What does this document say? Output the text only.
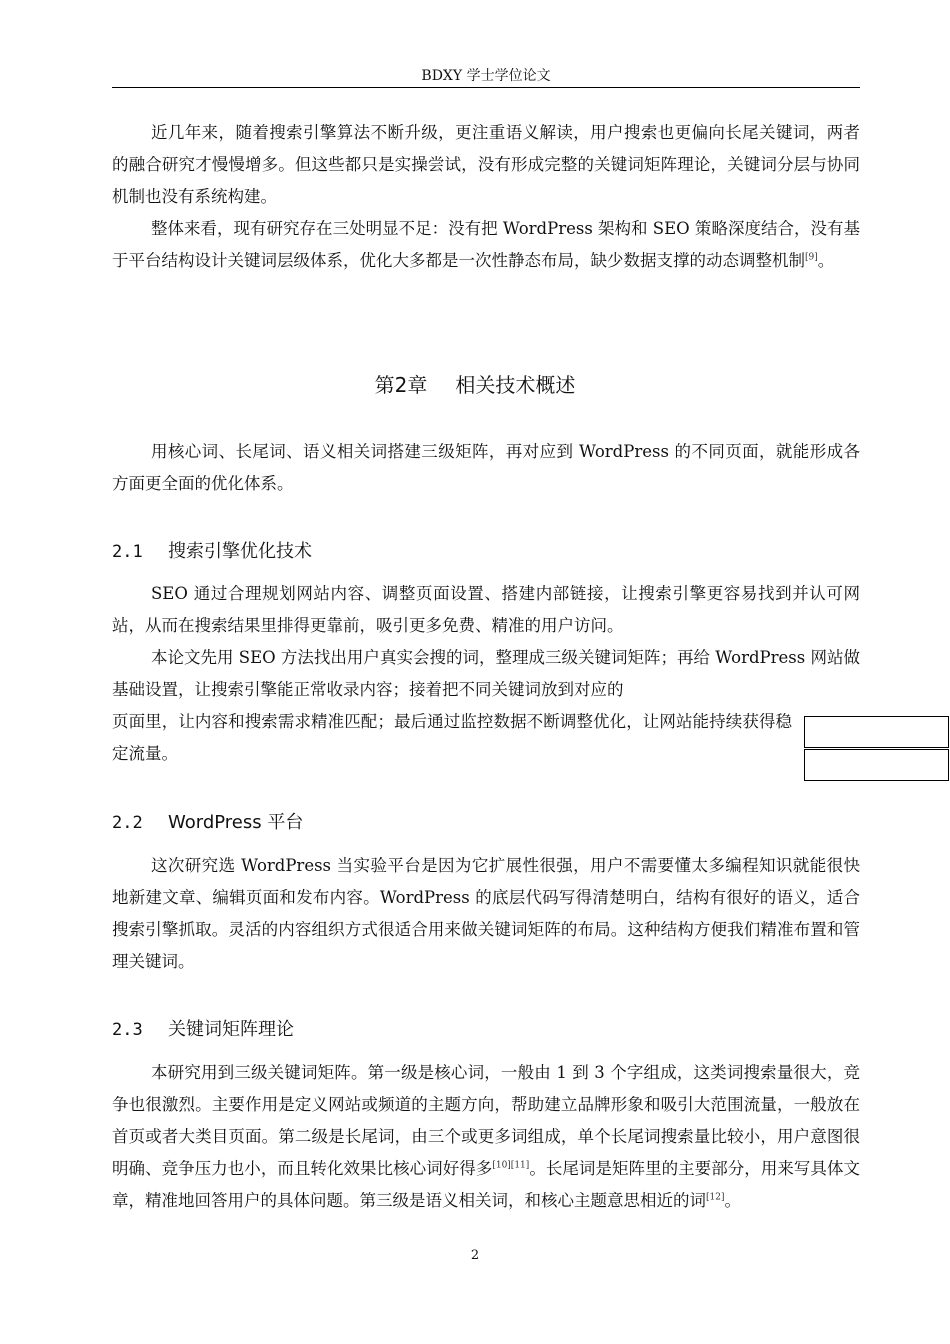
BDXY 学士学位论文

近几年来，随着搜索引擎算法不断升级，更注重语义解读，用户搜索也更偏向长尾关键词，两者的融合研究才慢慢增多。但这些都只是实操尝试，没有形成完整的关键词矩阵理论，关键词分层与协同机制也没有系统构建。

整体来看，现有研究存在三处明显不足：没有把 WordPress 架构和 SEO 策略深度结合，没有基于平台结构设计关键词层级体系，优化大多都是一次性静态布局，缺少数据支撑的动态调整机制[9]。

第2章 相关技术概述

用核心词、长尾词、语义相关词搭建三级矩阵，再对应到 WordPress 的不同页面，就能形成各方面更全面的优化体系。

2.1 搜索引擎优化技术

SEO 通过合理规划网站内容、调整页面设置、搭建内部链接，让搜索引擎更容易找到并认可网站，从而在搜索结果里排得更靠前，吸引更多免费、精准的用户访问。

本论文先用 SEO 方法找出用户真实会搜的词，整理成三级关键词矩阵；再给 WordPress 网站做基础设置，让搜索引擎能正常收录内容；接着把不同关键词放到对应的

页面里，让内容和搜索需求精准匹配；最后通过监控数据不断调整优化，让网站能持续获得稳定流量。

2.2 WordPress 平台

这次研究选 WordPress 当实验平台是因为它扩展性很强，用户不需要懂太多编程知识就能很快地新建文章、编辑页面和发布内容。WordPress 的底层代码写得清楚明白，结构有很好的语义，适合搜索引擎抓取。灵活的内容组织方式很适合用来做关键词矩阵的布局。这种结构方便我们精准布置和管理关键词。

2.3 关键词矩阵理论

本研究用到三级关键词矩阵。第一级是核心词，一般由 1 到 3 个字组成，这类词搜索量很大，竞争也很激烈。主要作用是定义网站或频道的主题方向，帮助建立品牌形象和吸引大范围流量，一般放在首页或者大类目页面。第二级是长尾词，由三个或更多词组成，单个长尾词搜索量比较小，用户意图很明确、竞争压力也小，而且转化效果比核心词好得多[10][11]。长尾词是矩阵里的主要部分，用来写具体文章，精准地回答用户的具体问题。第三级是语义相关词，和核心主题意思相近的词[12]。

2
